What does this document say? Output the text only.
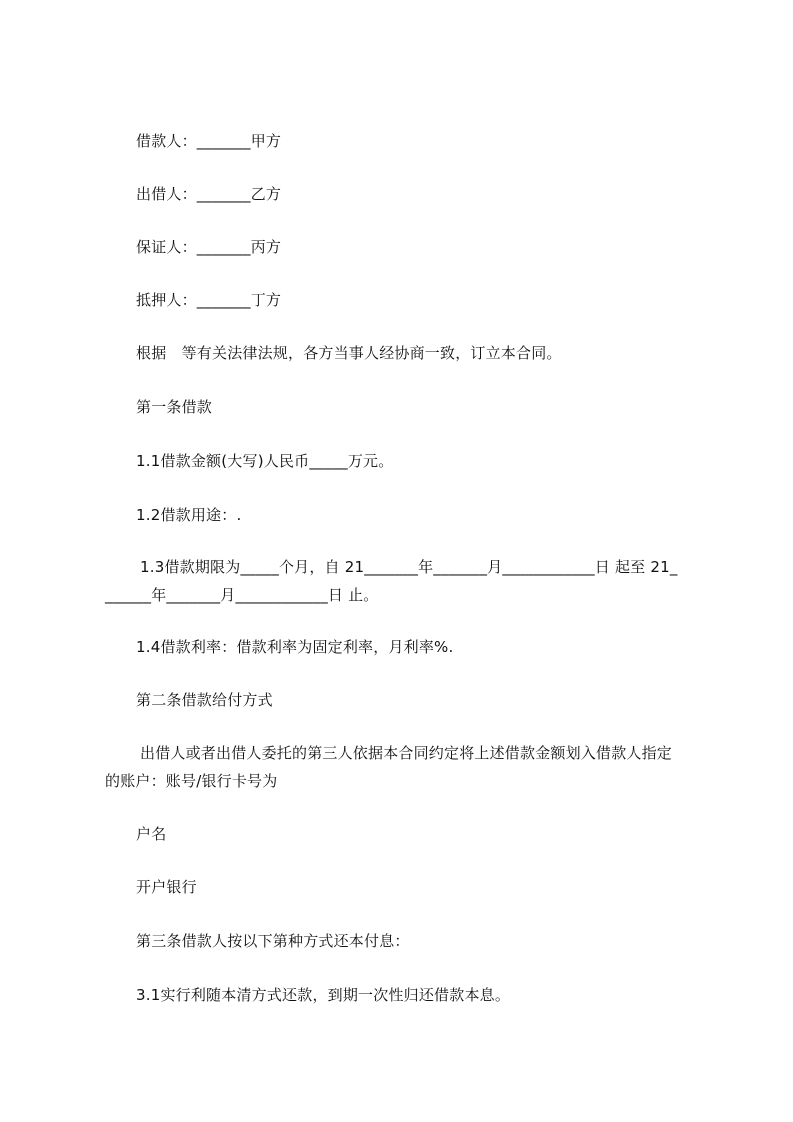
借款人：_______甲方
出借人：_______乙方
保证人：_______丙方
抵押人：_______丁方
根据　等有关法律法规，各方当事人经协商一致，订立本合同。
第一条借款
1.1借款金额(大写)人民币_____万元。
1.2借款用途：.
1.3借款期限为_____个月，自 21_______年_______月____________日 起至 21_
______年_______月____________日 止。
1.4借款利率：借款利率为固定利率，月利率%.
第二条借款给付方式
出借人或者出借人委托的第三人依据本合同约定将上述借款金额划入借款人指定
的账户：账号/银行卡号为
户名
开户银行
第三条借款人按以下第种方式还本付息：
3.1实行利随本清方式还款，到期一次性归还借款本息。
